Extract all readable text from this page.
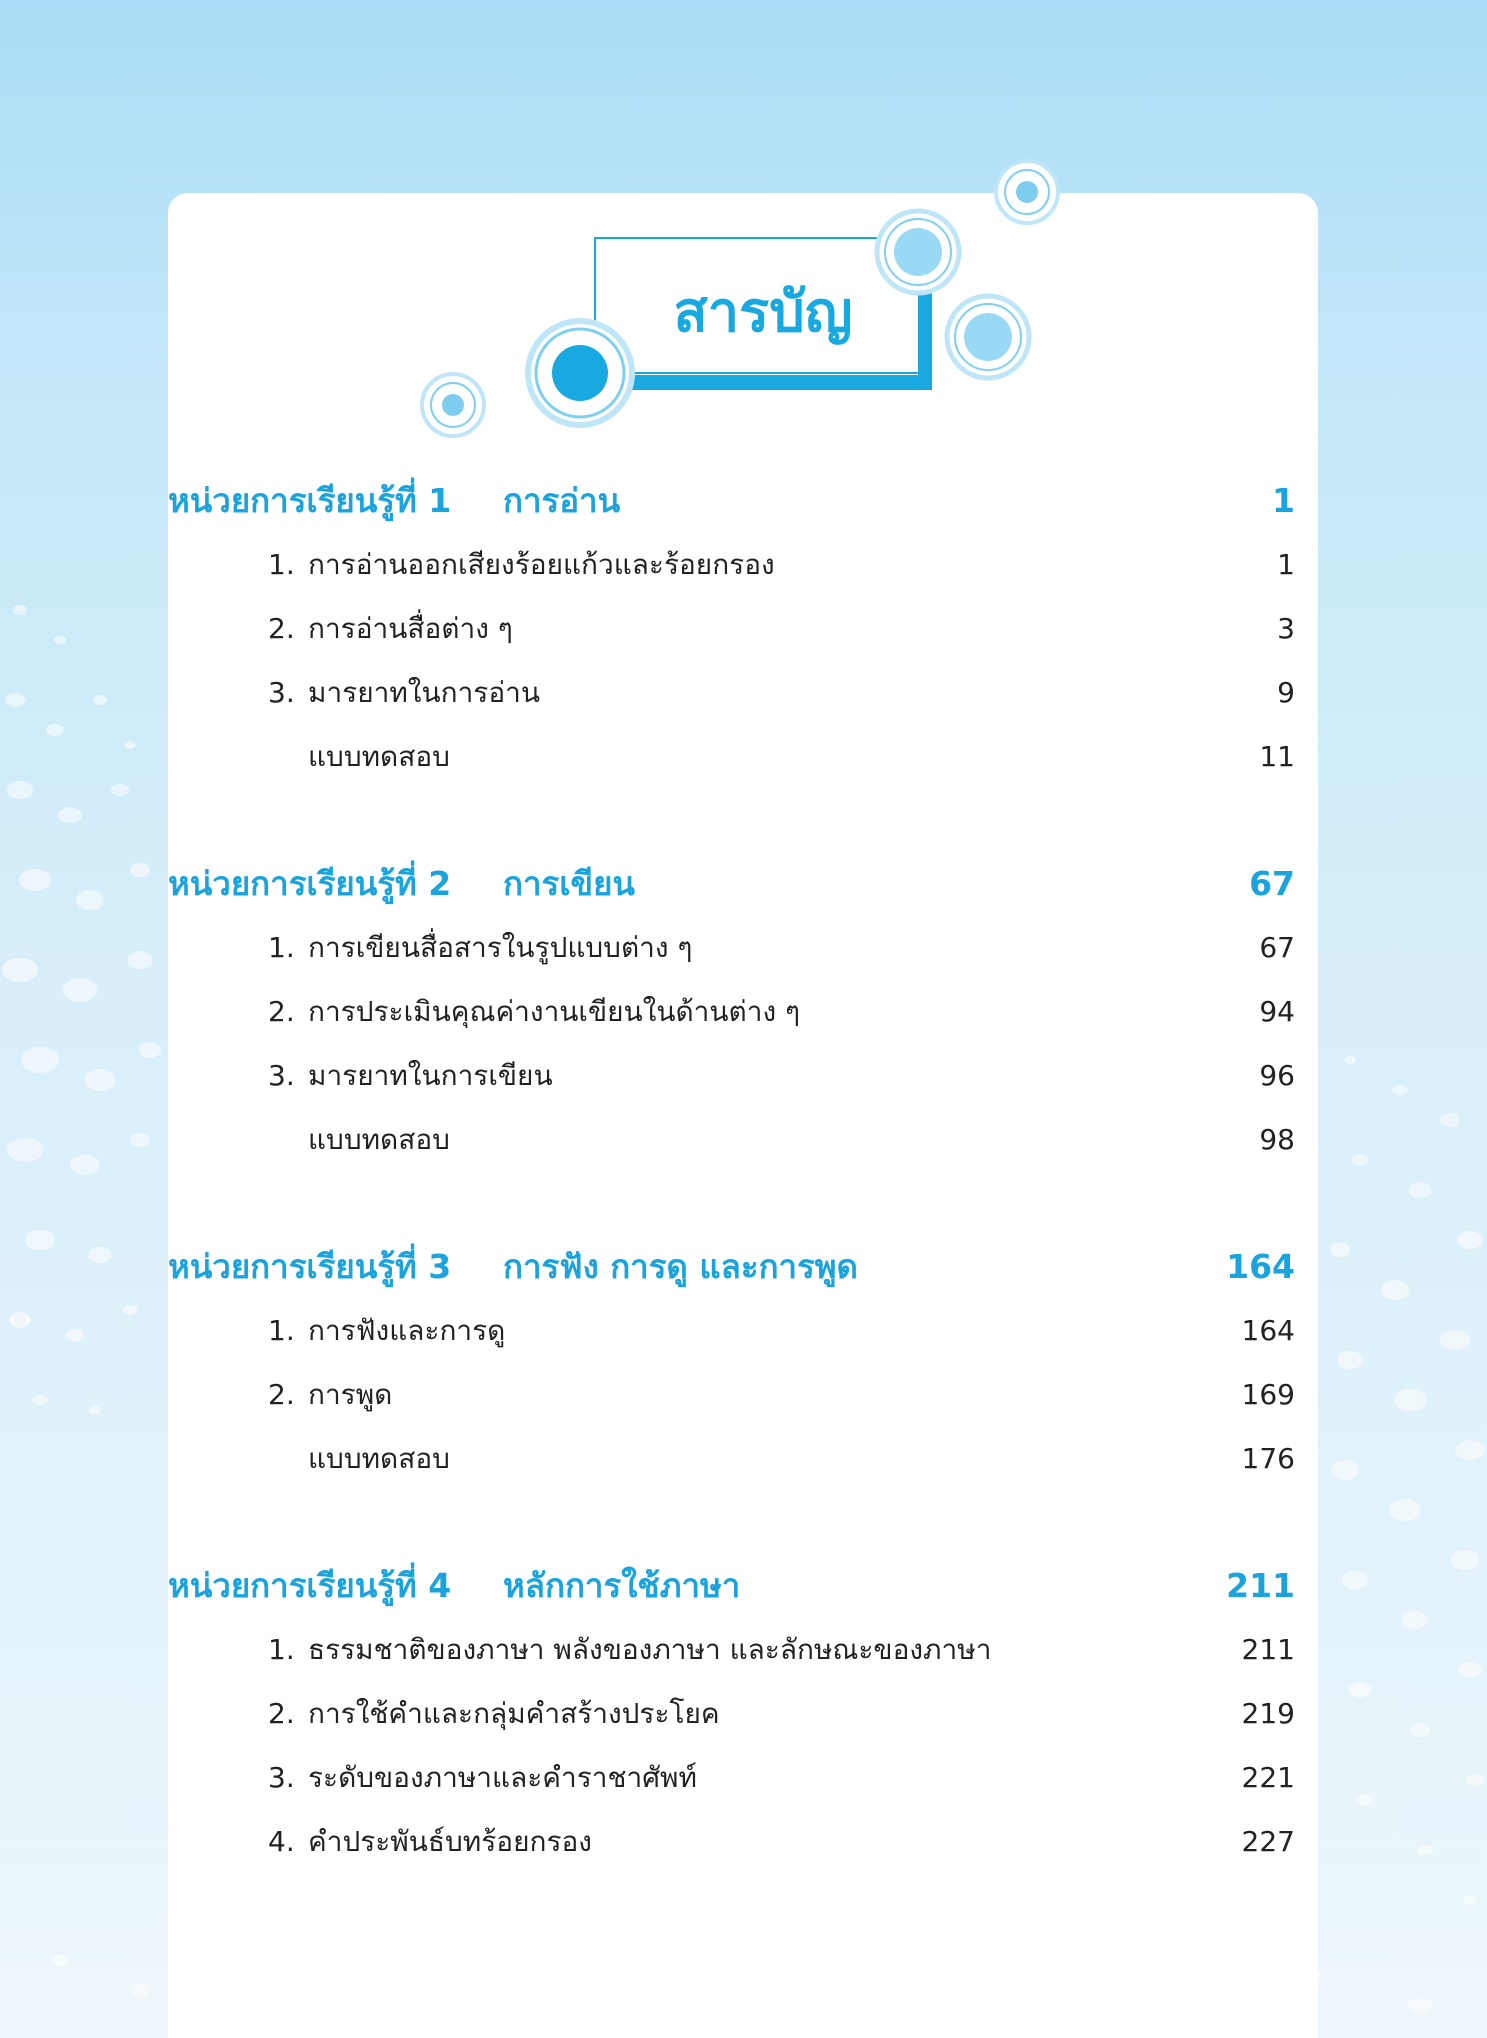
สารบัญ
หน่วยการเรียนรู้ที่ 1 การอ่าน	1
1. การอ่านออกเสียงร้อยแก้วและร้อยกรอง	1
2. การอ่านสื่อต่าง ๆ	3
3. มารยาทในการอ่าน	9
แบบทดสอบ	11
หน่วยการเรียนรู้ที่ 2 การเขียน	67
1. การเขียนสื่อสารในรูปแบบต่าง ๆ	67
2. การประเมินคุณค่างานเขียนในด้านต่าง ๆ	94
3. มารยาทในการเขียน	96
แบบทดสอบ	98
หน่วยการเรียนรู้ที่ 3 การฟัง การดู และการพูด	164
1. การฟังและการดู	164
2. การพูด	169
แบบทดสอบ	176
หน่วยการเรียนรู้ที่ 4 หลักการใช้ภาษา	211
1. ธรรมชาติของภาษา พลังของภาษา และลักษณะของภาษา	211
2. การใช้คำและกลุ่มคำสร้างประโยค	219
3. ระดับของภาษาและคำราชาศัพท์	221
4. คำประพันธ์บทร้อยกรอง	227
